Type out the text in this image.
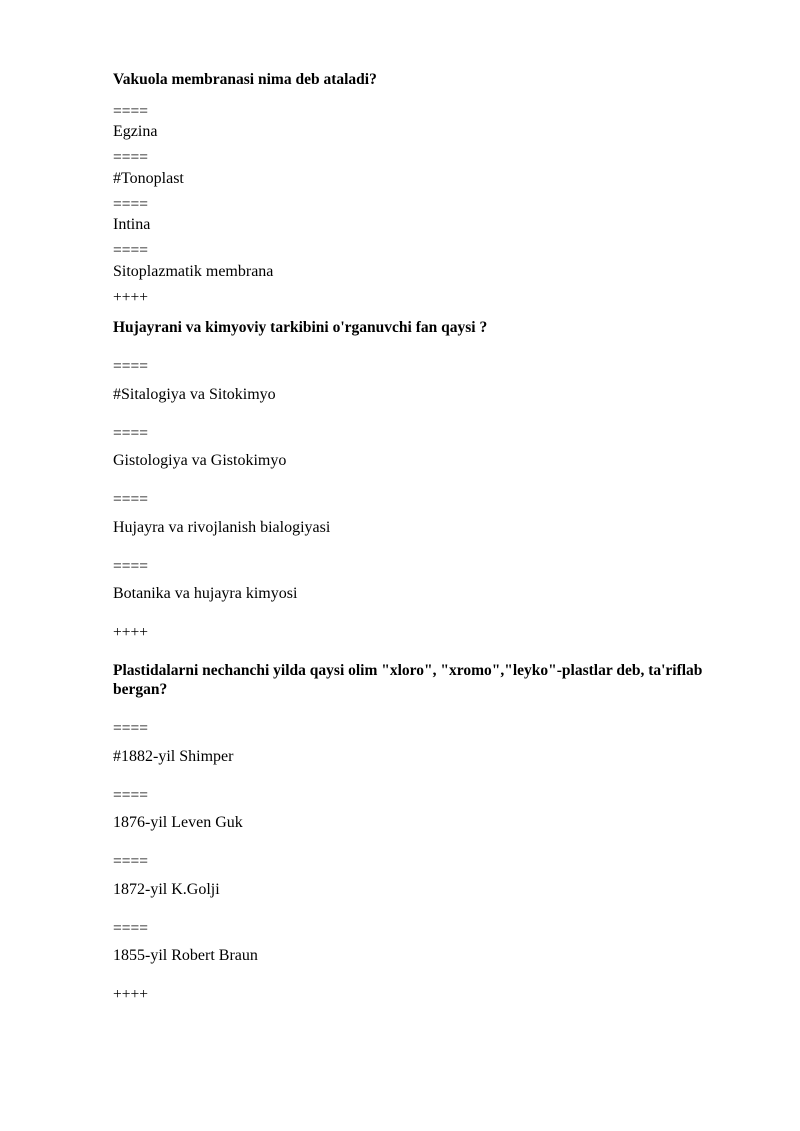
Vakuola membranasi nima deb ataladi?

====

Egzina

====

#Tonoplast

====

Intina

====

Sitoplazmatik membrana

++++

Hujayrani va kimyoviy tarkibini o'rganuvchi fan qaysi ?

====

#Sitalogiya va Sitokimyo

====

Gistologiya va Gistokimyo

====

Hujayra va rivojlanish bialogiyasi

====

Botanika va hujayra kimyosi

++++

Plastidalarni nechanchi yilda qaysi olim "xloro", "xromo","leyko"-plastlar deb, ta'riflab bergan?

====

#1882-yil Shimper

====

1876-yil Leven Guk

====

1872-yil K.Golji

====

1855-yil Robert Braun

++++
